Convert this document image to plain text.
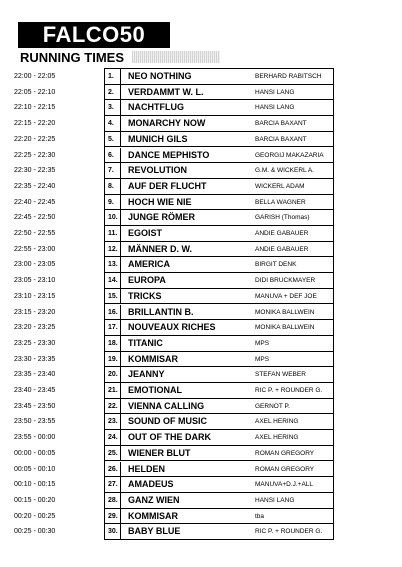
FALCO50
RUNNING TIMES
22:00 - 22:05	1.	NEO NOTHING	BERHARD RABITSCH
22:05 - 22:10	2.	VERDAMMT W. L.	HANSI LANG
22:10 - 22:15	3.	NACHTFLUG	HANSI LANG
22:15 - 22:20	4.	MONARCHY NOW	BARCIA BAXANT
22:20 - 22:25	5.	MUNICH GILS	BARCIA BAXANT
22:25 - 22:30	6.	DANCE MEPHISTO	GEORGIJ MAKAZARIA
22:30 - 22:35	7.	REVOLUTION	G.M. & WICKERL A.
22:35 - 22:40	8.	AUF DER FLUCHT	WICKERL ADAM
22:40 - 22:45	9.	HOCH WIE NIE	BELLA WAGNER
22:45 - 22:50	10.	JUNGE RÖMER	GARISH (Thomas)
22:50 - 22:55	11.	EGOIST	ANDIE GABAUER
22:55 - 23:00	12.	MÄNNER D. W.	ANDIE GABAUER
23:00 - 23:05	13.	AMERICA	BIRGIT DENK
23:05 - 23:10	14.	EUROPA	DIDI BRUCKMAYER
23:10 - 23:15	15.	TRICKS	MANUVA + DEF JOE
23:15 - 23:20	16.	BRILLANTIN B.	MONIKA BALLWEIN
23:20 - 23:25	17.	NOUVEAUX RICHES	MONIKA BALLWEIN
23:25 - 23:30	18.	TITANIC	MPS
23:30 - 23:35	19.	KOMMISAR	MPS
23:35 - 23:40	20.	JEANNY	STEFAN WEBER
23:40 - 23:45	21.	EMOTIONAL	RIC P. + ROUNDER G.
23:45 - 23:50	22.	VIENNA CALLING	GERNOT P.
23:50 - 23:55	23.	SOUND OF MUSIC	AXEL HERING
23:55 - 00:00	24.	OUT OF THE DARK	AXEL HERING
00:00 - 00:05	25.	WIENER BLUT	ROMAN GREGORY
00:05 - 00:10	26.	HELDEN	ROMAN GREGORY
00:10 - 00:15	27.	AMADEUS	MANUVA+D.J.+ALL
00:15 - 00:20	28.	GANZ WIEN	HANSI LANG
00:20 - 00:25	29.	KOMMISAR	tba
00:25 - 00:30	30.	BABY BLUE	RIC P. + ROUNDER G.
